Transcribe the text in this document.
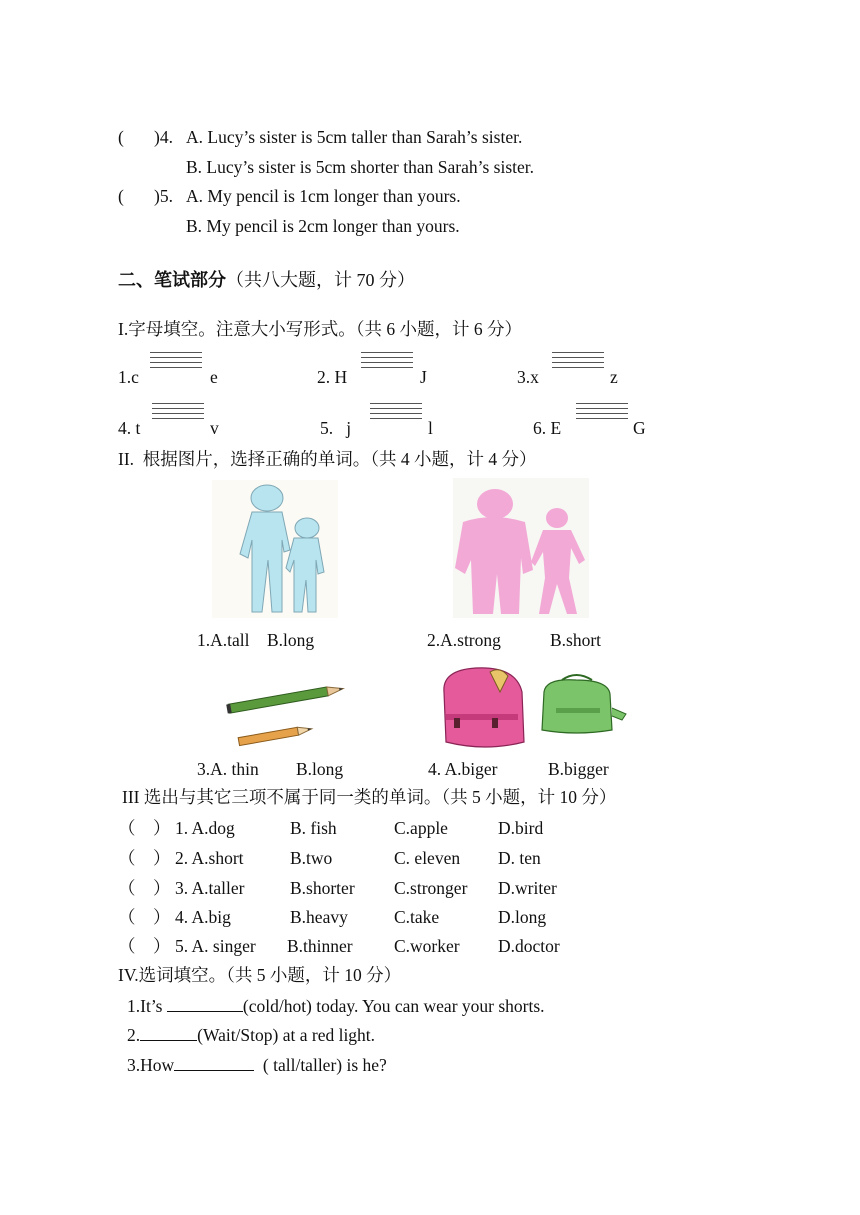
( )4. A. Lucy’s sister is 5cm taller than Sarah’s sister.
B. Lucy’s sister is 5cm shorter than Sarah’s sister.
( )5. A. My pencil is 1cm longer than yours.
B. My pencil is 2cm longer than yours.
二、笔试部分（共八大题，计 70 分）
I.字母填空。注意大小写形式。（共 6 小题，计 6 分）
1.c	e	2. H	J	3.x	z
4. t	v	5.   j	l	6. E	G
II.  根据图片，选择正确的单词。（共 4 小题，计 4 分）
1.A.tall    B.long	2.A.strong	B.short
3.A. thin B.long	4. A.biger	B.bigger
III 选出与其它三项不属于同一类的单词。（共 5 小题，计 10 分）
（    ） 1. A.dog	B. fish	C.apple	D.bird
（    ） 2. A.short	B.two	C. eleven D. ten
（    ） 3. A.taller	B.shorter C.stronger D.writer
（    ） 4. A.big	B.heavy	C.take	D.long
（    ） 5. A. singer B.thinner C.worker D.doctor
IV.选词填空。（共 5 小题，计 10 分）
1.It’s	(cold/hot) today. You can wear your shorts.
2.	(Wait/Stop) at a red light.
3.How	( tall/taller) is he?
